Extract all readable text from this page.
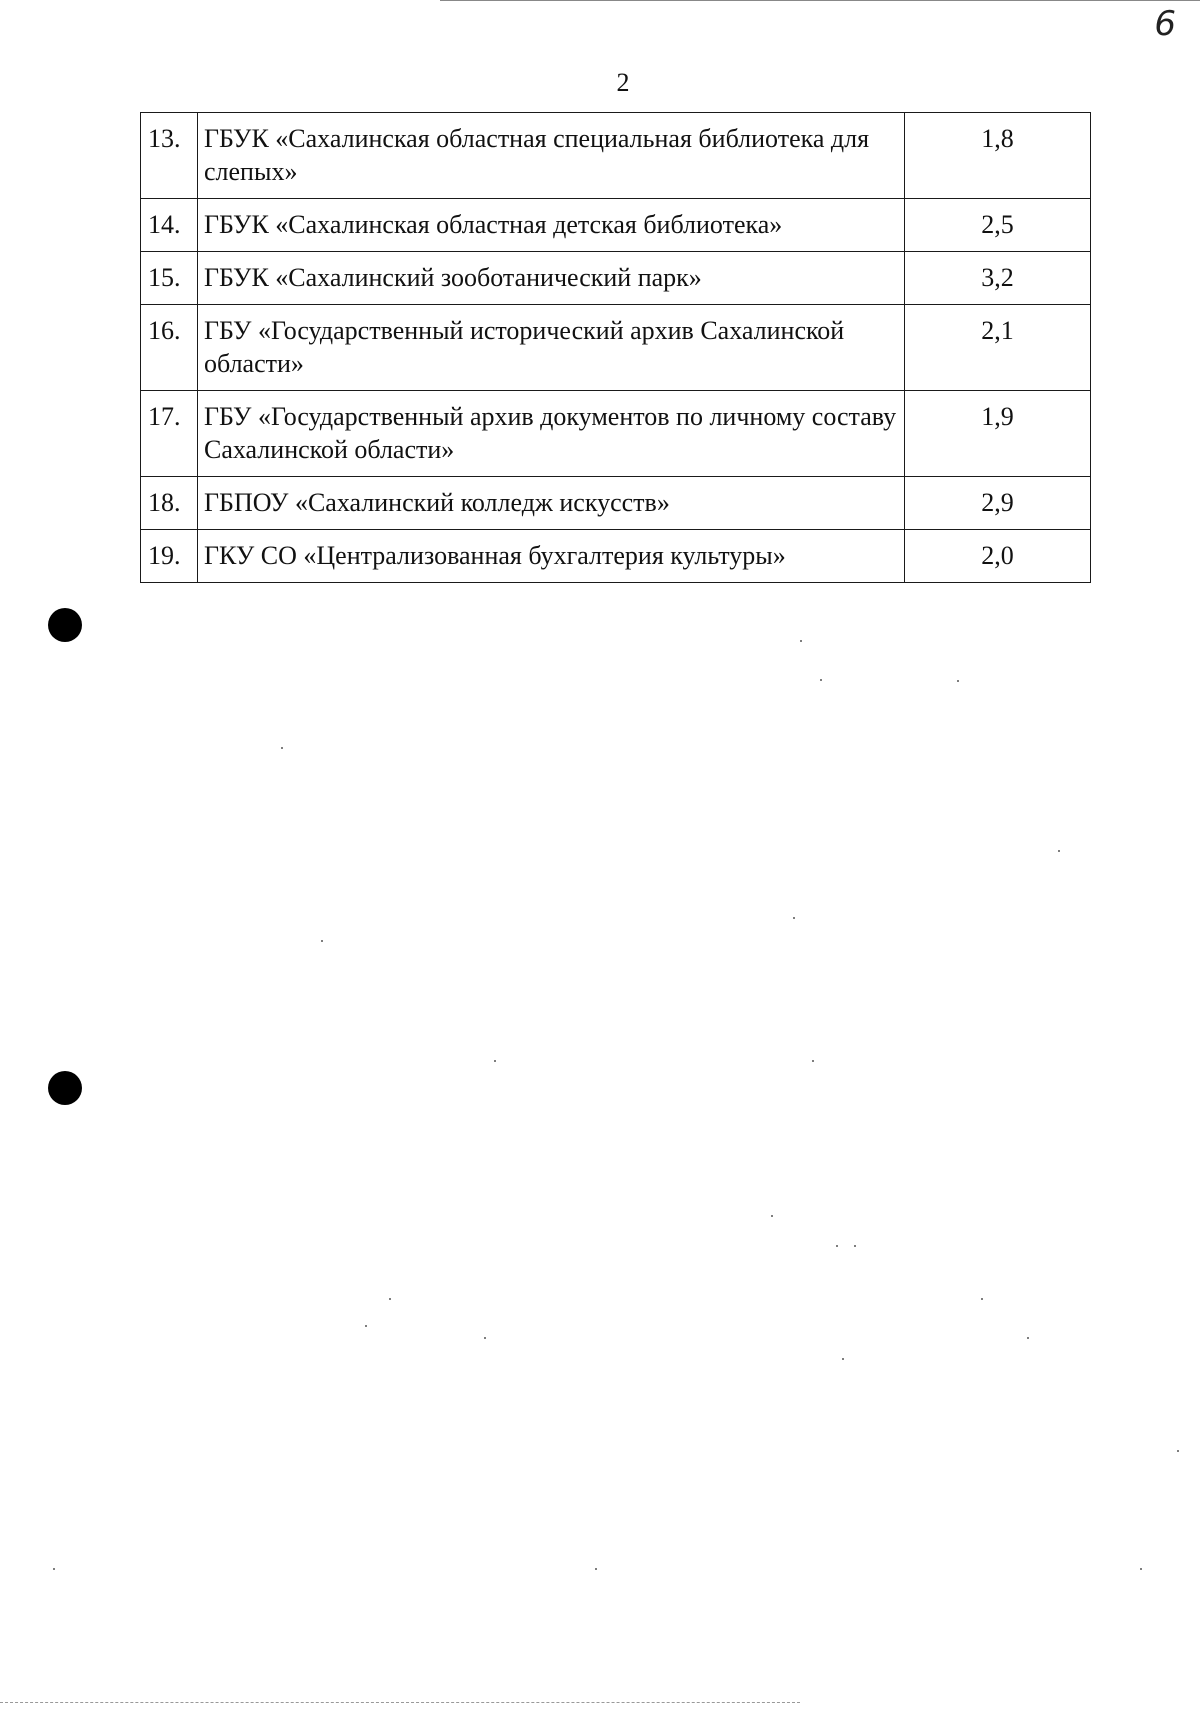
6
2
13.	ГБУК «Сахалинская областная специальная библиотека для слепых»	1,8
14.	ГБУК «Сахалинская областная детская библиотека»	2,5
15.	ГБУК «Сахалинский зооботанический парк»	3,2
16.	ГБУ «Государственный исторический архив Сахалинской области»	2,1
17.	ГБУ «Государственный архив документов по личному составу Сахалинской области»	1,9
18.	ГБПОУ «Сахалинский колледж искусств»	2,9
19.	ГКУ СО «Централизованная бухгалтерия культуры»	2,0
